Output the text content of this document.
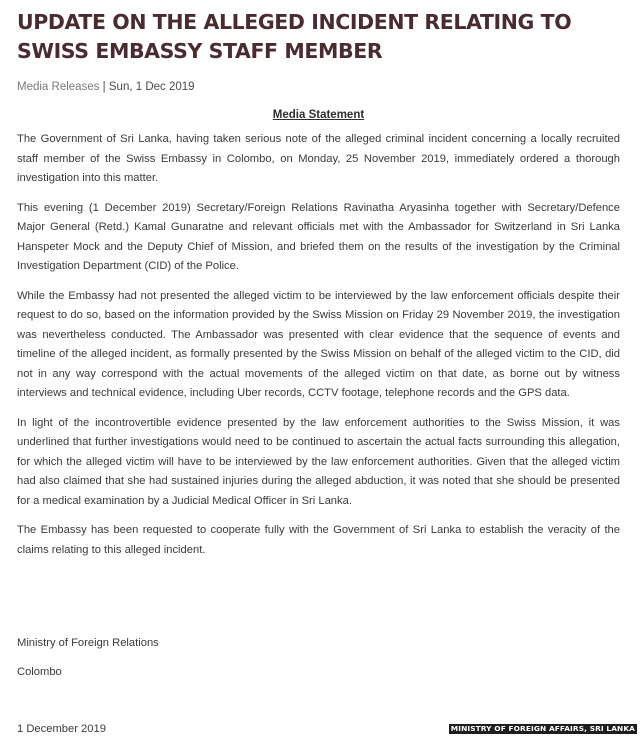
UPDATE ON THE ALLEGED INCIDENT RELATING TO SWISS EMBASSY STAFF MEMBER
Media Releases | Sun, 1 Dec 2019
Media Statement

The Government of Sri Lanka, having taken serious note of the alleged criminal incident concerning a locally recruited staff member of the Swiss Embassy in Colombo, on Monday, 25 November 2019, immediately ordered a thorough investigation into this matter.

This evening (1 December 2019) Secretary/Foreign Relations Ravinatha Aryasinha together with Secretary/Defence Major General (Retd.) Kamal Gunaratne and relevant officials met with the Ambassador for Switzerland in Sri Lanka Hanspeter Mock and the Deputy Chief of Mission, and briefed them on the results of the investigation by the Criminal Investigation Department (CID) of the Police.

While the Embassy had not presented the alleged victim to be interviewed by the law enforcement officials despite their request to do so, based on the information provided by the Swiss Mission on Friday 29 November 2019, the investigation was nevertheless conducted. The Ambassador was presented with clear evidence that the sequence of events and timeline of the alleged incident, as formally presented by the Swiss Mission on behalf of the alleged victim to the CID, did not in any way correspond with the actual movements of the alleged victim on that date, as borne out by witness interviews and technical evidence, including Uber records, CCTV footage, telephone records and the GPS data.

In light of the incontrovertible evidence presented by the law enforcement authorities to the Swiss Mission, it was underlined that further investigations would need to be continued to ascertain the actual facts surrounding this allegation, for which the alleged victim will have to be interviewed by the law enforcement authorities. Given that the alleged victim had also claimed that she had sustained injuries during the alleged abduction, it was noted that she should be presented for a medical examination by a Judicial Medical Officer in Sri Lanka.

The Embassy has been requested to cooperate fully with the Government of Sri Lanka to establish the veracity of the claims relating to this alleged incident.

Ministry of Foreign Relations
Colombo
1 December 2019	MINISTRY OF FOREIGN AFFAIRS, SRI LANKA
